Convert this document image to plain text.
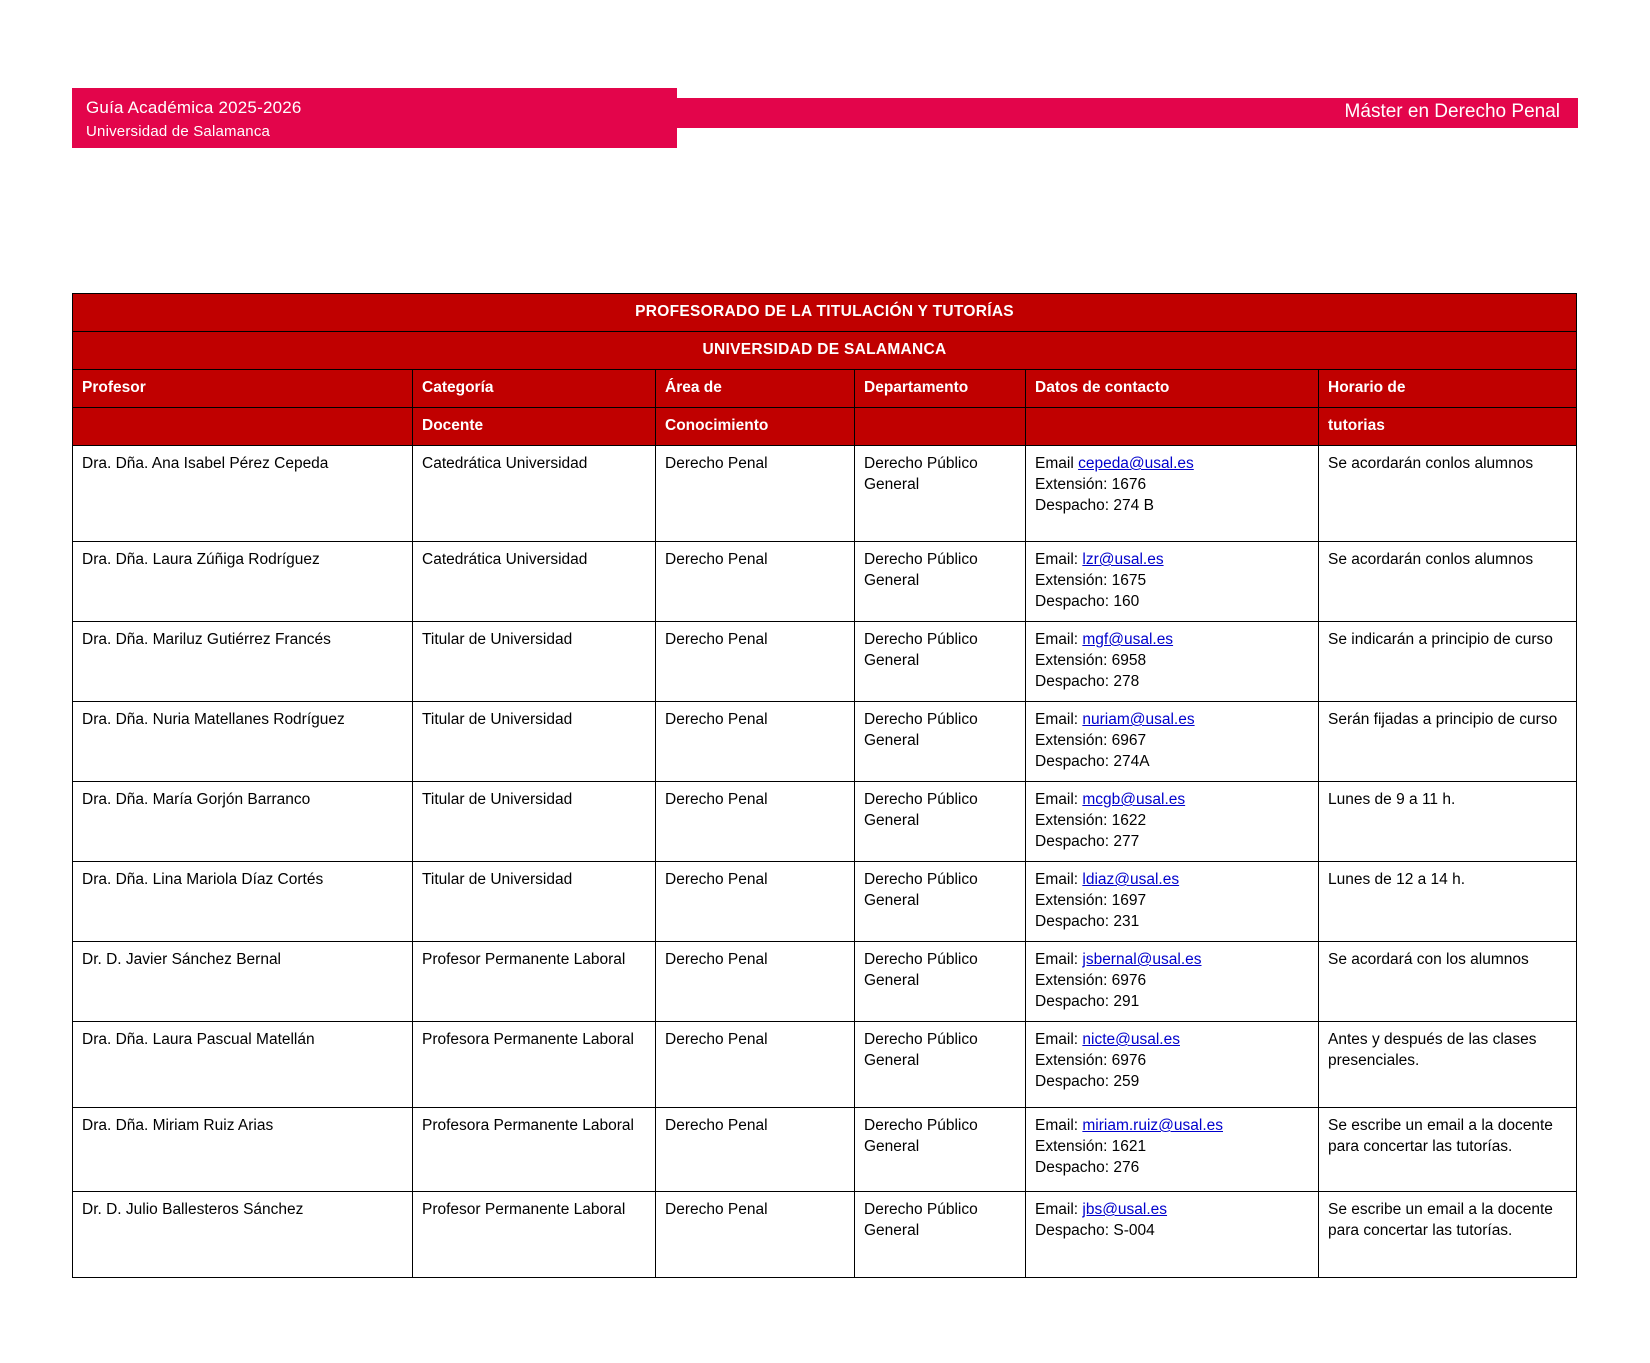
Guía Académica 2025-2026
Universidad de Salamanca
Máster en Derecho Penal
PROFESORADO DE LA TITULACIÓN Y TUTORÍAS					
UNIVERSIDAD DE SALAMANCA					
Profesor	Categoría	Área de	Departamento	Datos de contacto	Horario de
	Docente	Conocimiento			tutorias
Dra. Dña. Ana Isabel Pérez Cepeda	Catedrática Universidad	Derecho Penal	Derecho Público General	Email cepeda@usal.es
Extensión: 1676
Despacho: 274 B	Se acordarán conlos alumnos
Dra. Dña. Laura Zúñiga Rodríguez	Catedrática Universidad	Derecho Penal	Derecho Público General	Email: lzr@usal.es
Extensión: 1675
Despacho: 160	Se acordarán conlos alumnos
Dra. Dña. Mariluz Gutiérrez Francés	Titular de Universidad	Derecho Penal	Derecho Público General	Email: mgf@usal.es
Extensión: 6958
Despacho: 278	Se indicarán a principio de curso
Dra. Dña. Nuria Matellanes Rodríguez	Titular de Universidad	Derecho Penal	Derecho Público General	Email: nuriam@usal.es
Extensión: 6967
Despacho: 274A	Serán fijadas a principio de curso
Dra. Dña. María Gorjón Barranco	Titular de Universidad	Derecho Penal	Derecho Público General	Email: mcgb@usal.es
Extensión: 1622
Despacho: 277	Lunes de 9 a 11 h.
Dra. Dña. Lina Mariola Díaz Cortés	Titular de Universidad	Derecho Penal	Derecho Público General	Email: ldiaz@usal.es
Extensión: 1697
Despacho: 231	Lunes de 12 a 14 h.
Dr. D. Javier Sánchez Bernal	Profesor Permanente Laboral	Derecho Penal	Derecho Público General	Email: jsbernal@usal.es
Extensión: 6976
Despacho: 291	Se acordará con los alumnos
Dra. Dña. Laura Pascual Matellán	Profesora Permanente Laboral	Derecho Penal	Derecho Público General	Email: nicte@usal.es
Extensión: 6976
Despacho: 259	Antes y después de las clases presenciales.
Dra. Dña. Miriam Ruiz Arias	Profesora Permanente Laboral	Derecho Penal	Derecho Público General	Email: miriam.ruiz@usal.es
Extensión: 1621
Despacho: 276	Se escribe un email a la docente para concertar las tutorías.
Dr. D. Julio Ballesteros Sánchez	Profesor Permanente Laboral	Derecho Penal	Derecho Público General	Email: jbs@usal.es
Despacho: S-004	Se escribe un email a la docente para concertar las tutorías.
